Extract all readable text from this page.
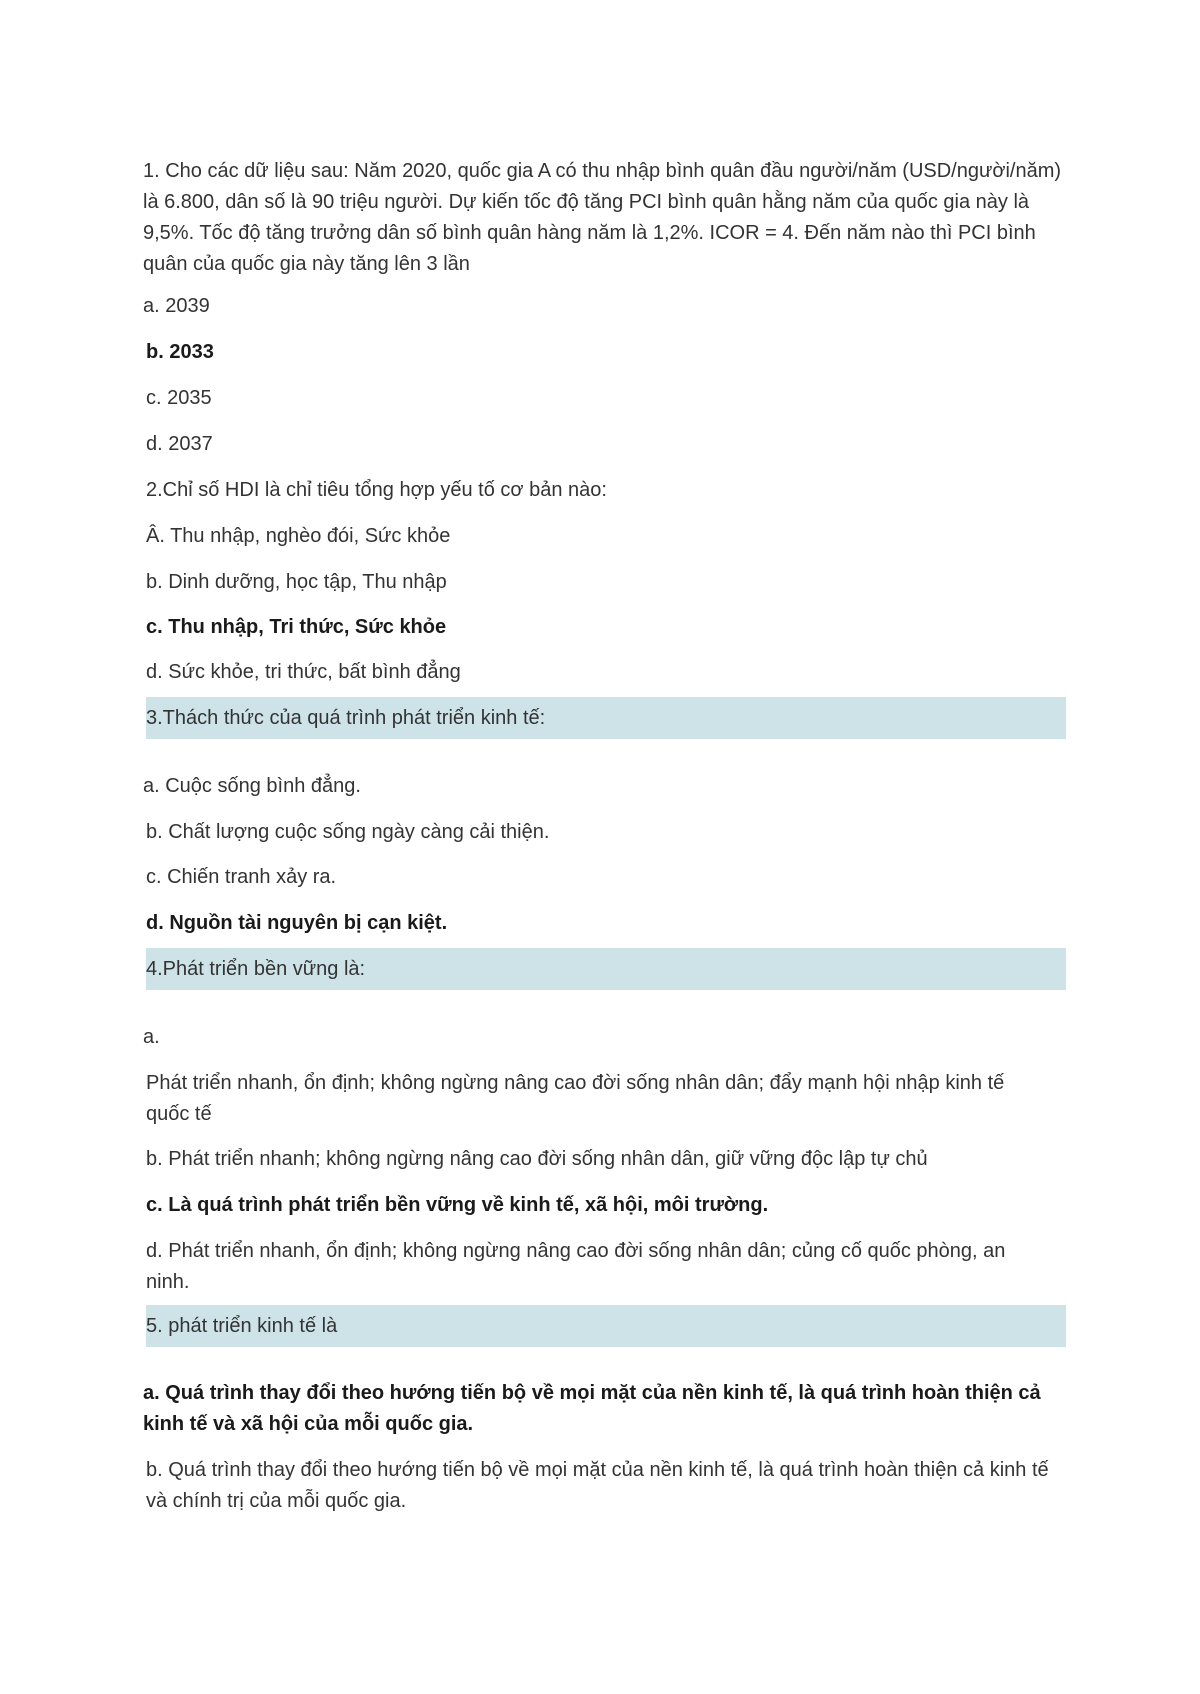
1. Cho các dữ liệu sau: Năm 2020, quốc gia A có thu nhập bình quân đầu người/năm (USD/người/năm) là 6.800, dân số là 90 triệu người. Dự kiến tốc độ tăng PCI bình quân hằng năm của quốc gia này là 9,5%. Tốc độ tăng trưởng dân số bình quân hàng năm là 1,2%. ICOR = 4. Đến năm nào thì PCI bình quân của quốc gia này tăng lên 3 lần
a. 2039
b. 2033
c. 2035
d. 2037
2.Chỉ số HDI là chỉ tiêu tổng hợp yếu tố cơ bản nào:
Â. Thu nhập, nghèo đói, Sức khỏe
b. Dinh dưỡng, học tập, Thu nhập
c. Thu nhập, Tri thức, Sức khỏe
d. Sức khỏe, tri thức, bất bình đẳng
3.Thách thức của quá trình phát triển kinh tế:
a. Cuộc sống bình đẳng.
b. Chất lượng cuộc sống ngày càng cải thiện.
c. Chiến tranh xảy ra.
d. Nguồn tài nguyên bị cạn kiệt.
4.Phát triển bền vững là:
a.
Phát triển nhanh, ổn định; không ngừng nâng cao đời sống nhân dân; đẩy mạnh hội nhập kinh tế quốc tế
b. Phát triển nhanh; không ngừng nâng cao đời sống nhân dân, giữ vững độc lập tự chủ
c. Là quá trình phát triển bền vững về kinh tế, xã hội, môi trường.
d. Phát triển nhanh, ổn định; không ngừng nâng cao đời sống nhân dân; củng cố quốc phòng, an ninh.
5. phát triển kinh tế là
a. Quá trình thay đổi theo hướng tiến bộ về mọi mặt của nền kinh tế, là quá trình hoàn thiện cả kinh tế và xã hội của mỗi quốc gia.
b. Quá trình thay đổi theo hướng tiến bộ về mọi mặt của nền kinh tế, là quá trình hoàn thiện cả kinh tế và chính trị của mỗi quốc gia.
